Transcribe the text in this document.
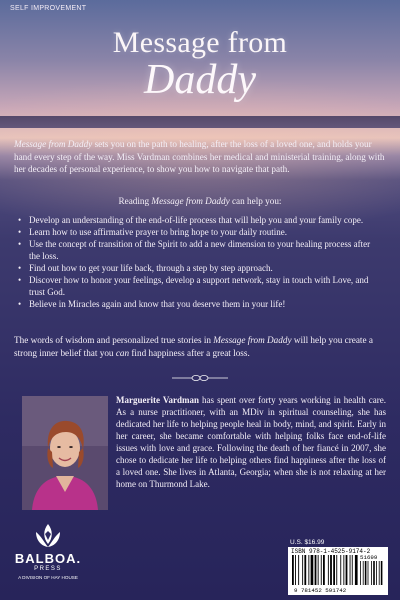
SELF IMPROVEMENT
Message from
Daddy

Message from Daddy sets you on the path to healing, after the loss of a loved one, and holds your hand every step of the way. Miss Vardman combines her medical and ministerial training, along with her decades of personal experience, to show you how to navigate that path.

Reading Message from Daddy can help you:
• Develop an understanding of the end-of-life process that will help you and your family cope.
• Learn how to use affirmative prayer to bring hope to your daily routine.
• Use the concept of transition of the Spirit to add a new dimension to your healing process after the loss.
• Find out how to get your life back, through a step by step approach.
• Discover how to honor your feelings, develop a support network, stay in touch with Love, and trust God.
• Believe in Miracles again and know that you deserve them in your life!
The words of wisdom and personalized true stories in Message from Daddy will help you create a strong inner belief that you can find happiness after a great loss.
Marguerite Vardman has spent over forty years working in health care. As a nurse practitioner, with an MDiv in spiritual counseling, she has dedicated her life to helping people heal in body, mind, and spirit. Early in her career, she became comfortable with helping folks face end-of-life issues with love and grace. Following the death of her fiancé in 2007, she chose to dedicate her life to helping others find happiness after the loss of a loved one. She lives in Atlanta, Georgia; when she is not relaxing at her home on Thurmond Lake.
BALBOA.
PRESS
A DIVISION OF HAY HOUSE
U.S. $16.99
ISBN 978-1-4525-9174-2
51699
9 781452 591742
